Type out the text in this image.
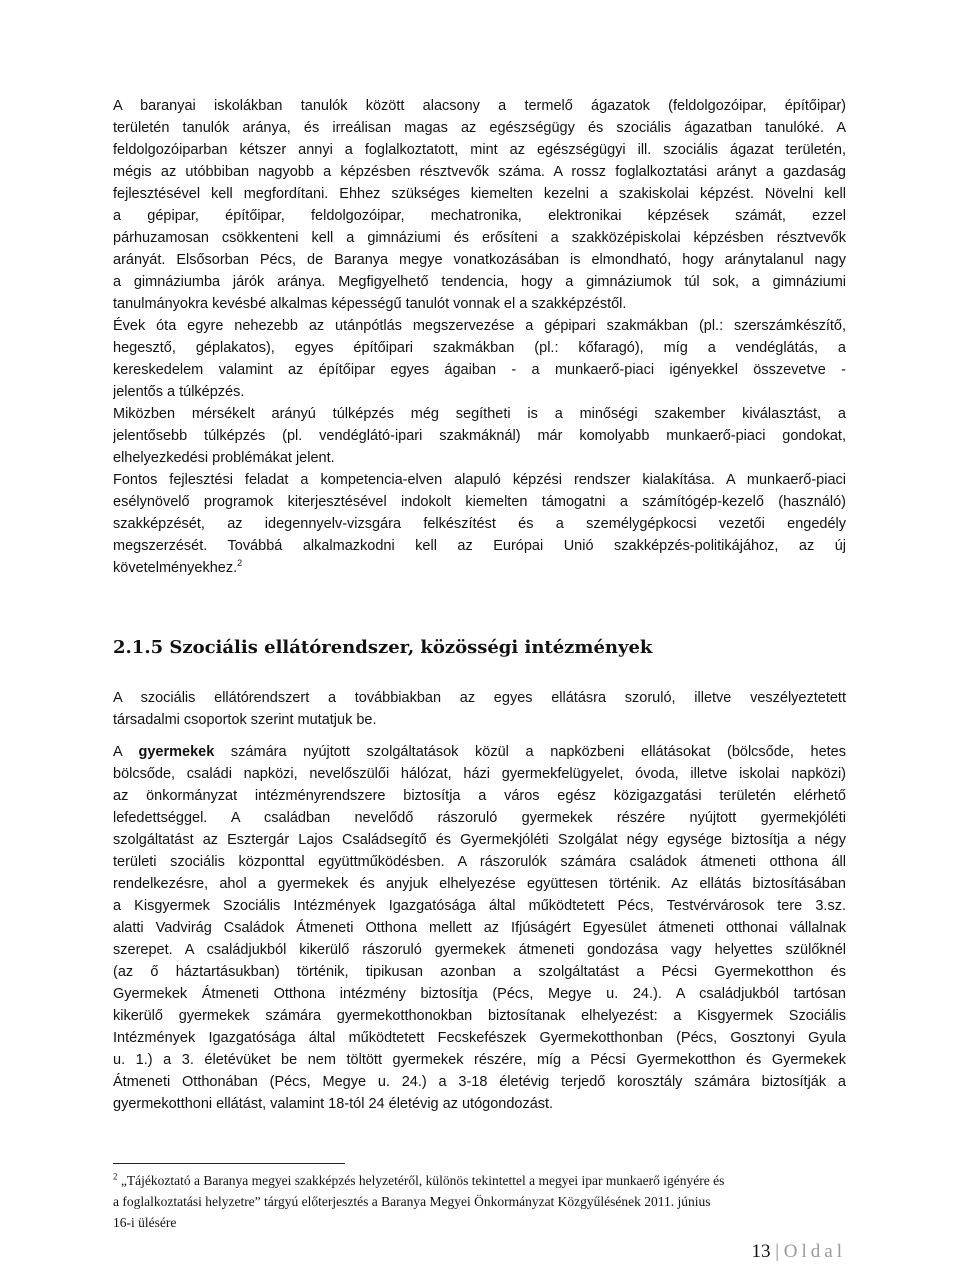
A baranyai iskolákban tanulók között alacsony a termelő ágazatok (feldolgozóipar, építőipar)
területén tanulók aránya, és irreálisan magas az egészségügy és szociális ágazatban tanulóké. A
feldolgozóiparban kétszer annyi a foglalkoztatott, mint az egészségügyi ill. szociális ágazat területén,
mégis az utóbbiban nagyobb a képzésben résztvevők száma. A rossz foglalkoztatási arányt a gazdaság
fejlesztésével kell megfordítani. Ehhez szükséges kiemelten kezelni a szakiskolai képzést. Növelni kell
a gépipar, építőipar, feldolgozóipar, mechatronika, elektronikai képzések számát, ezzel
párhuzamosan csökkenteni kell a gimnáziumi és erősíteni a szakközépiskolai képzésben résztvevők
arányát. Elsősorban Pécs, de Baranya megye vonatkozásában is elmondható, hogy aránytalanul nagy
a gimnáziumba járók aránya. Megfigyelhető tendencia, hogy a gimnáziumok túl sok, a gimnáziumi
tanulmányokra kevésbé alkalmas képességű tanulót vonnak el a szakképzéstől.
Évek óta egyre nehezebb az utánpótlás megszervezése a gépipari szakmákban (pl.: szerszámkészítő,
hegesztő, géplakatos), egyes építőipari szakmákban (pl.: kőfaragó), míg a vendéglátás, a
kereskedelem valamint az építőipar egyes ágaiban - a munkaerő-piaci igényekkel összevetve -
jelentős a túlképzés.
Miközben mérsékelt arányú túlképzés még segítheti is a minőségi szakember kiválasztást, a
jelentősebb túlképzés (pl. vendéglátó-ipari szakmáknál) már komolyabb munkaerő-piaci gondokat,
elhelyezkedési problémákat jelent.
Fontos fejlesztési feladat a kompetencia-elven alapuló képzési rendszer kialakítása. A munkaerő-piaci
esélynövelő programok kiterjesztésével indokolt kiemelten támogatni a számítógép-kezelő (használó)
szakképzését, az idegennyelv-vizsgára felkészítést és a személygépkocsi vezetői engedély
megszerzését. Továbbá alkalmazkodni kell az Európai Unió szakképzés-politikájához, az új
követelményekhez.$^2$
2.1.5 Szociális ellátórendszer, közösségi intézmények
A szociális ellátórendszert a továbbiakban az egyes ellátásra szoruló, illetve veszélyeztetett
társadalmi csoportok szerint mutatjuk be.
A gyermekek számára nyújtott szolgáltatások közül a napközbeni ellátásokat (bölcsőde, hetes
bölcsőde, családi napközi, nevelőszülői hálózat, házi gyermekfelügyelet, óvoda, illetve iskolai napközi)
az önkormányzat intézményrendszere biztosítja a város egész közigazgatási területén elérhető
lefedettséggel. A családban nevelődő rászoruló gyermekek részére nyújtott gyermekjóléti
szolgáltatást az Esztergár Lajos Családsegítő és Gyermekjóléti Szolgálat négy egysége biztosítja a négy
területi szociális központtal együttműködésben. A rászorulók számára családok átmeneti otthona áll
rendelkezésre, ahol a gyermekek és anyjuk elhelyezése együttesen történik. Az ellátás biztosításában
a Kisgyermek Szociális Intézmények Igazgatósága által működtetett Pécs, Testvérvárosok tere 3.sz.
alatti Vadvirág Családok Átmeneti Otthona mellett az Ifjúságért Egyesület átmeneti otthonai vállalnak
szerepet. A családjukból kikerülő rászoruló gyermekek átmeneti gondozása vagy helyettes szülőknél
(az ő háztartásukban) történik, tipikusan azonban a szolgáltatást a Pécsi Gyermekotthon és
Gyermekek Átmeneti Otthona intézmény biztosítja (Pécs, Megye u. 24.). A családjukból tartósan
kikerülő gyermekek számára gyermekotthonokban biztosítanak elhelyezést: a Kisgyermek Szociális
Intézmények Igazgatósága által működtetett Fecskefészek Gyermekotthonban (Pécs, Gosztonyi Gyula
u. 1.) a 3. életévüket be nem töltött gyermekek részére, míg a Pécsi Gyermekotthon és Gyermekek
Átmeneti Otthonában (Pécs, Megye u. 24.) a 3-18 életévig terjedő korosztály számára biztosítják a
gyermekotthoni ellátást, valamint 18-tól 24 életévig az utógondozást.
$^2$ „Tájékoztató a Baranya megyei szakképzés helyzetéről, különös tekintettel a megyei ipar munkaerő igényére és
a foglalkoztatási helyzetre” tárgyú előterjesztés a Baranya Megyei Önkormányzat Közgyűlésének 2011. június
16-i ülésére
13 | Oldal
